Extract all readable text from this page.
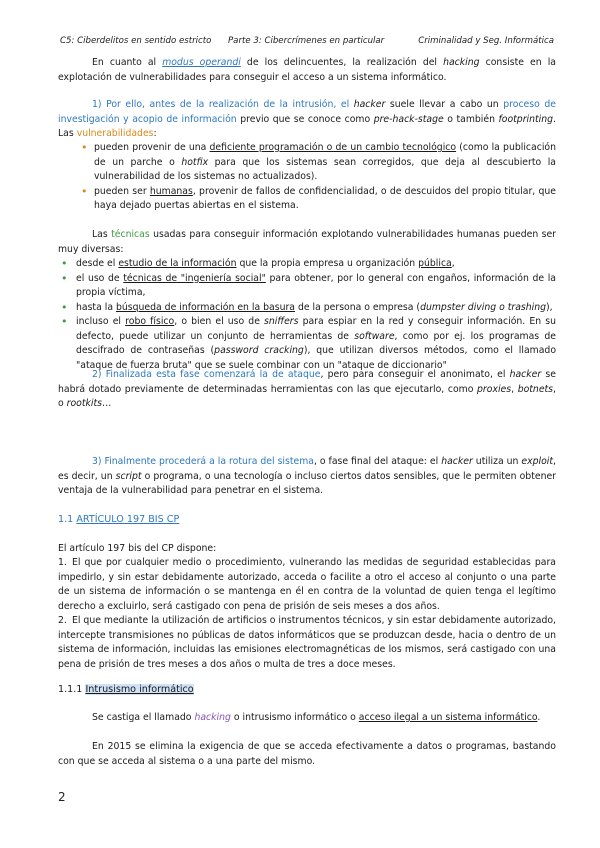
C5: Ciberdelitos en sentido estricto Parte 3: Cibercrímenes en particular	Criminalidad y Seg. Informática

En cuanto al modus operandi de los delincuentes, la realización del hacking consiste en la explotación de vulnerabilidades para conseguir el acceso a un sistema informático.

1) Por ello, antes de la realización de la intrusión, el hacker suele llevar a cabo un proceso de investigación y acopio de información previo que se conoce como pre-hack-stage o también footprinting. Las vulnerabilidades:

• pueden provenir de una deficiente programación o de un cambio tecnológico (como la publicación de un parche o hotfix para que los sistemas sean corregidos, que deja al descubierto la vulnerabilidad de los sistemas no actualizados).
• pueden ser humanas, provenir de fallos de confidencialidad, o de descuidos del propio titular, que haya dejado puertas abiertas en el sistema.

Las técnicas usadas para conseguir información explotando vulnerabilidades humanas pueden ser muy diversas:

• desde el estudio de la información que la propia empresa u organización pública,
• el uso de técnicas de "ingeniería social" para obtener, por lo general con engaños, información de la propia víctima,
• hasta la búsqueda de información en la basura de la persona o empresa (dumpster diving o trashing),
• incluso el robo físico, o bien el uso de sniffers para espiar en la red y conseguir información. En su defecto, puede utilizar un conjunto de herramientas de software, como por ej. los programas de descifrado de contraseñas (password cracking), que utilizan diversos métodos, como el llamado "ataque de fuerza bruta" que se suele combinar con un "ataque de diccionario"

2) Finalizada esta fase comenzará la de ataque, pero para conseguir el anonimato, el hacker se habrá dotado previamente de determinadas herramientas con las que ejecutarlo, como proxies, botnets, o rootkits…

3) Finalmente procederá a la rotura del sistema, o fase final del ataque: el hacker utiliza un exploit, es decir, un script o programa, o una tecnología o incluso ciertos datos sensibles, que le permiten obtener ventaja de la vulnerabilidad para penetrar en el sistema.

1.1 ARTÍCULO 197 BIS CP

El artículo 197 bis del CP dispone:

1. El que por cualquier medio o procedimiento, vulnerando las medidas de seguridad establecidas para impedirlo, y sin estar debidamente autorizado, acceda o facilite a otro el acceso al conjunto o una parte de un sistema de información o se mantenga en él en contra de la voluntad de quien tenga el legítimo derecho a excluirlo, será castigado con pena de prisión de seis meses a dos años.

2. El que mediante la utilización de artificios o instrumentos técnicos, y sin estar debidamente autorizado, intercepte transmisiones no públicas de datos informáticos que se produzcan desde, hacia o dentro de un sistema de información, incluidas las emisiones electromagnéticas de los mismos, será castigado con una pena de prisión de tres meses a dos años o multa de tres a doce meses.

1.1.1 Intrusismo informático

Se castiga el llamado hacking o intrusismo informático o acceso ilegal a un sistema informático.

En 2015 se elimina la exigencia de que se acceda efectivamente a datos o programas, bastando con que se acceda al sistema o a una parte del mismo.

2
